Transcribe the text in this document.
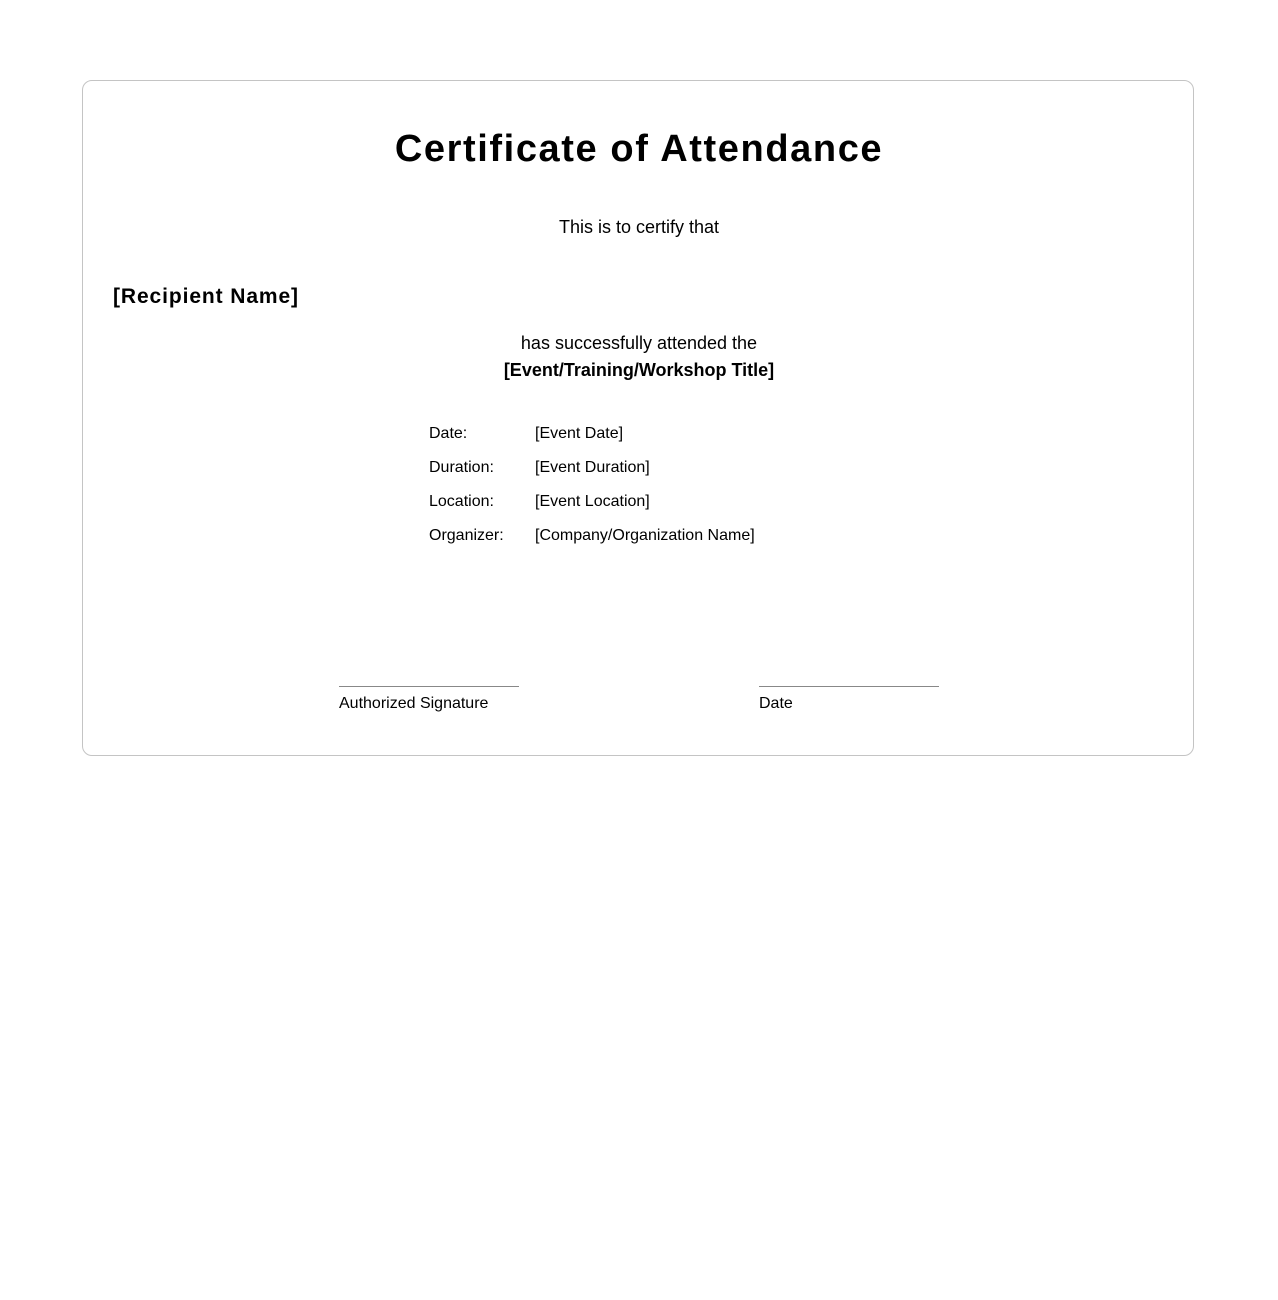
Certificate of Attendance
This is to certify that
[Recipient Name]
has successfully attended the
[Event/Training/Workshop Title]
Date:	[Event Date]
Duration:	[Event Duration]
Location:	[Event Location]
Organizer:	[Company/Organization Name]
Authorized Signature	Date
